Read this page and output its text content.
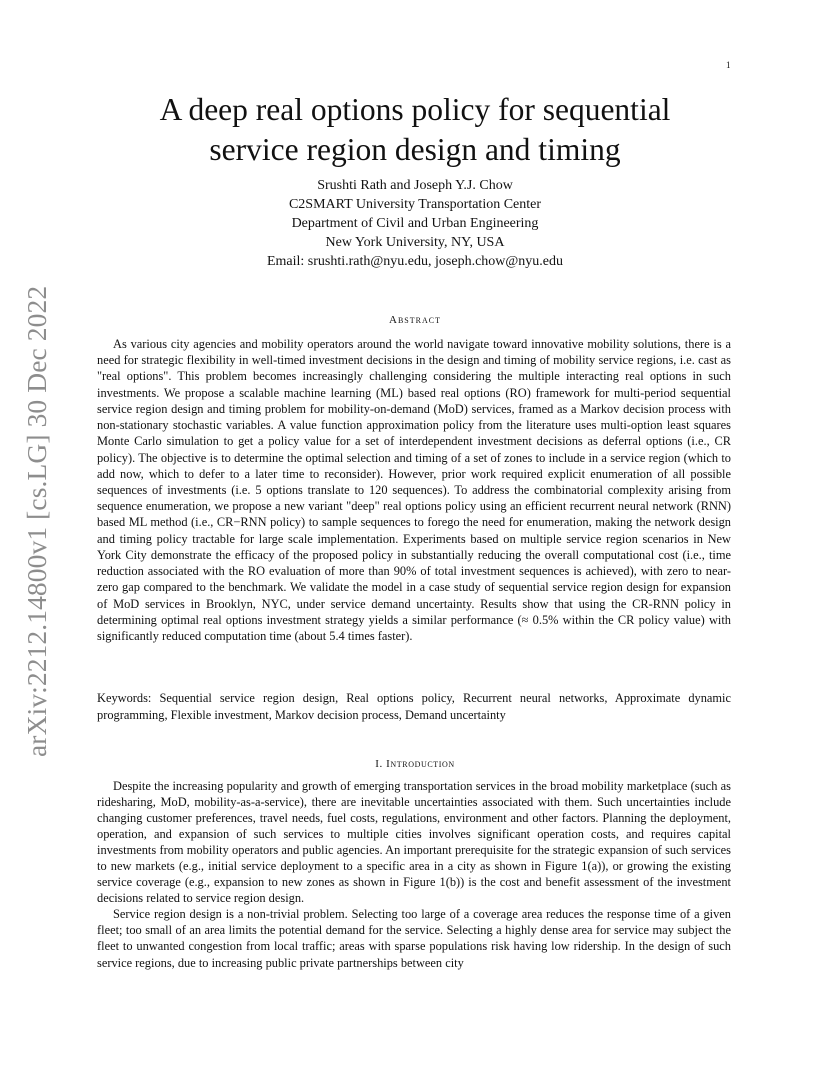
1
arXiv:2212.14800v1 [cs.LG] 30 Dec 2022
A deep real options policy for sequential
service region design and timing
Srushti Rath and Joseph Y.J. Chow
C2SMART University Transportation Center
Department of Civil and Urban Engineering
New York University, NY, USA
Email: srushti.rath@nyu.edu, joseph.chow@nyu.edu
Abstract

As various city agencies and mobility operators around the world navigate toward innovative mobility solutions, there is a need for strategic flexibility in well-timed investment decisions in the design and timing of mobility service regions, i.e. cast as "real options". This problem becomes increasingly challenging considering the multiple interacting real options in such investments. We propose a scalable machine learning (ML) based real options (RO) framework for multi-period sequential service region design and timing problem for mobility-on-demand (MoD) services, framed as a Markov decision process with non-stationary stochastic variables. A value function approximation policy from the literature uses multi-option least squares Monte Carlo simulation to get a policy value for a set of interdependent investment decisions as deferral options (i.e., CR policy). The objective is to determine the optimal selection and timing of a set of zones to include in a service region (which to add now, which to defer to a later time to reconsider). However, prior work required explicit enumeration of all possible sequences of investments (i.e. 5 options translate to 120 sequences). To address the combinatorial complexity arising from sequence enumeration, we propose a new variant "deep" real options policy using an efficient recurrent neural network (RNN) based ML method (i.e., CR−RNN policy) to sample sequences to forego the need for enumeration, making the network design and timing policy tractable for large scale implementation. Experiments based on multiple service region scenarios in New York City demonstrate the efficacy of the proposed policy in substantially reducing the overall computational cost (i.e., time reduction associated with the RO evaluation of more than 90% of total investment sequences is achieved), with zero to near-zero gap compared to the benchmark. We validate the model in a case study of sequential service region design for expansion of MoD services in Brooklyn, NYC, under service demand uncertainty. Results show that using the CR-RNN policy in determining optimal real options investment strategy yields a similar performance (≈ 0.5% within the CR policy value) with significantly reduced computation time (about 5.4 times faster).

Keywords: Sequential service region design, Real options policy, Recurrent neural networks, Approximate dynamic programming, Flexible investment, Markov decision process, Demand uncertainty

I. Introduction

Despite the increasing popularity and growth of emerging transportation services in the broad mobility marketplace (such as ridesharing, MoD, mobility-as-a-service), there are inevitable uncertainties associated with them. Such uncertainties include changing customer preferences, travel needs, fuel costs, regulations, environment and other factors. Planning the deployment, operation, and expansion of such services to multiple cities involves significant operation costs, and requires capital investments from mobility operators and public agencies. An important prerequisite for the strategic expansion of such services to new markets (e.g., initial service deployment to a specific area in a city as shown in Figure 1(a)), or growing the existing service coverage (e.g., expansion to new zones as shown in Figure 1(b)) is the cost and benefit assessment of the investment decisions related to service region design.

Service region design is a non-trivial problem. Selecting too large of a coverage area reduces the response time of a given fleet; too small of an area limits the potential demand for the service. Selecting a highly dense area for service may subject the fleet to unwanted congestion from local traffic; areas with sparse populations risk having low ridership. In the design of such service regions, due to increasing public private partnerships between city
